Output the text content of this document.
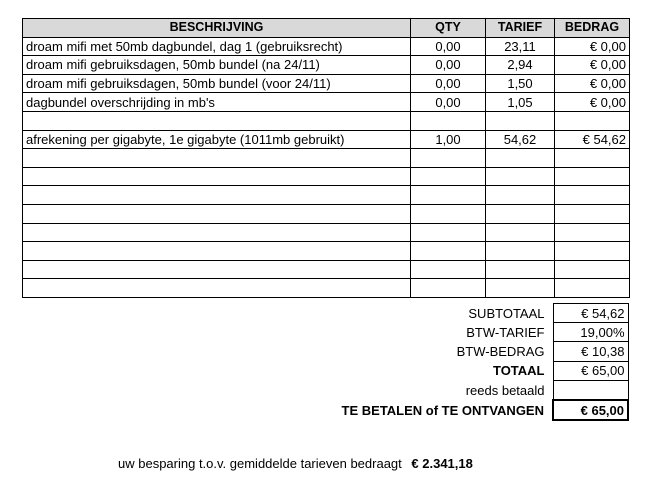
BESCHRIJVING	QTY	TARIEF	BEDRAG
droam mifi met 50mb dagbundel, dag 1 (gebruiksrecht)	0,00	23,11	€ 0,00
droam mifi gebruiksdagen, 50mb bundel (na 24/11)	0,00	2,94	€ 0,00
droam mifi gebruiksdagen, 50mb bundel (voor 24/11)	0,00	1,50	€ 0,00
dagbundel overschrijding in mb's	0,00	1,05	€ 0,00

afrekening per gigabyte, 1e gigabyte (1011mb gebruikt)	1,00	54,62	€ 54,62

SUBTOTAAL	€ 54,62
BTW-TARIEF	19,00%
BTW-BEDRAG	€ 10,38
TOTAAL	€ 65,00
reeds betaald	
TE BETALEN of TE ONTVANGEN	€ 65,00
uw besparing t.o.v. gemiddelde tarieven bedraagt € 2.341,18
